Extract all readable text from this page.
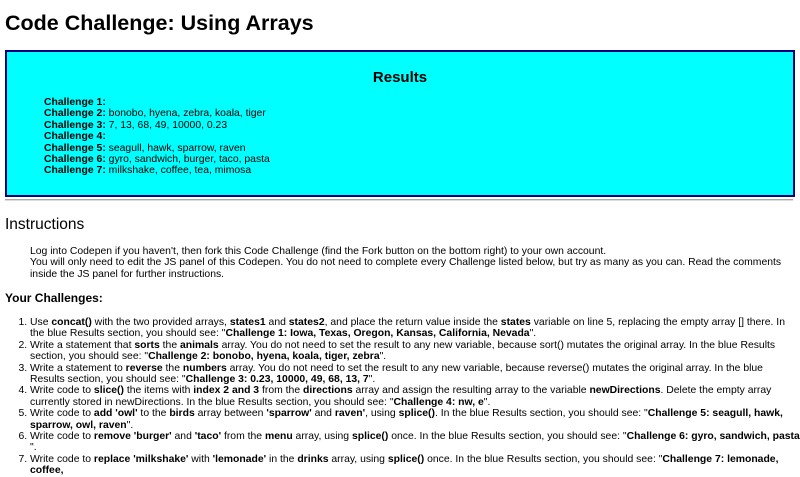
Code Challenge: Using Arrays
Results
Challenge 1:
Challenge 2: bonobo, hyena, zebra, koala, tiger
Challenge 3: 7, 13, 68, 49, 10000, 0.23
Challenge 4:
Challenge 5: seagull, hawk, sparrow, raven
Challenge 6: gyro, sandwich, burger, taco, pasta
Challenge 7: milkshake, coffee, tea, mimosa
Instructions
Log into Codepen if you haven't, then fork this Code Challenge (find the Fork button on the bottom right) to your own account.
You will only need to edit the JS panel of this Codepen. You do not need to complete every Challenge listed below, but try as many as you can. Read the comments inside the JS panel for further instructions.
Your Challenges:
1. Use concat() with the two provided arrays, states1 and states2, and place the return value inside the states variable on line 5, replacing the empty array [] there. In the blue Results section, you should see: "Challenge 1: Iowa, Texas, Oregon, Kansas, California, Nevada".
2. Write a statement that sorts the animals array. You do not need to set the result to any new variable, because sort() mutates the original array. In the blue Results section, you should see: "Challenge 2: bonobo, hyena, koala, tiger, zebra".
3. Write a statement to reverse the numbers array. You do not need to set the result to any new variable, because reverse() mutates the original array. In the blue Results section, you should see: "Challenge 3: 0.23, 10000, 49, 68, 13, 7".
4. Write code to slice() the items with index 2 and 3 from the directions array and assign the resulting array to the variable newDirections. Delete the empty array currently stored in newDirections. In the blue Results section, you should see: "Challenge 4: nw, e".
5. Write code to add 'owl' to the birds array between 'sparrow' and raven', using splice(). In the blue Results section, you should see: "Challenge 5: seagull, hawk, sparrow, owl, raven".
6. Write code to remove 'burger' and 'taco' from the menu array, using splice() once. In the blue Results section, you should see: "Challenge 6: gyro, sandwich, pasta ".
7. Write code to replace 'milkshake' with 'lemonade' in the drinks array, using splice() once. In the blue Results section, you should see: "Challenge 7: lemonade, coffee,
